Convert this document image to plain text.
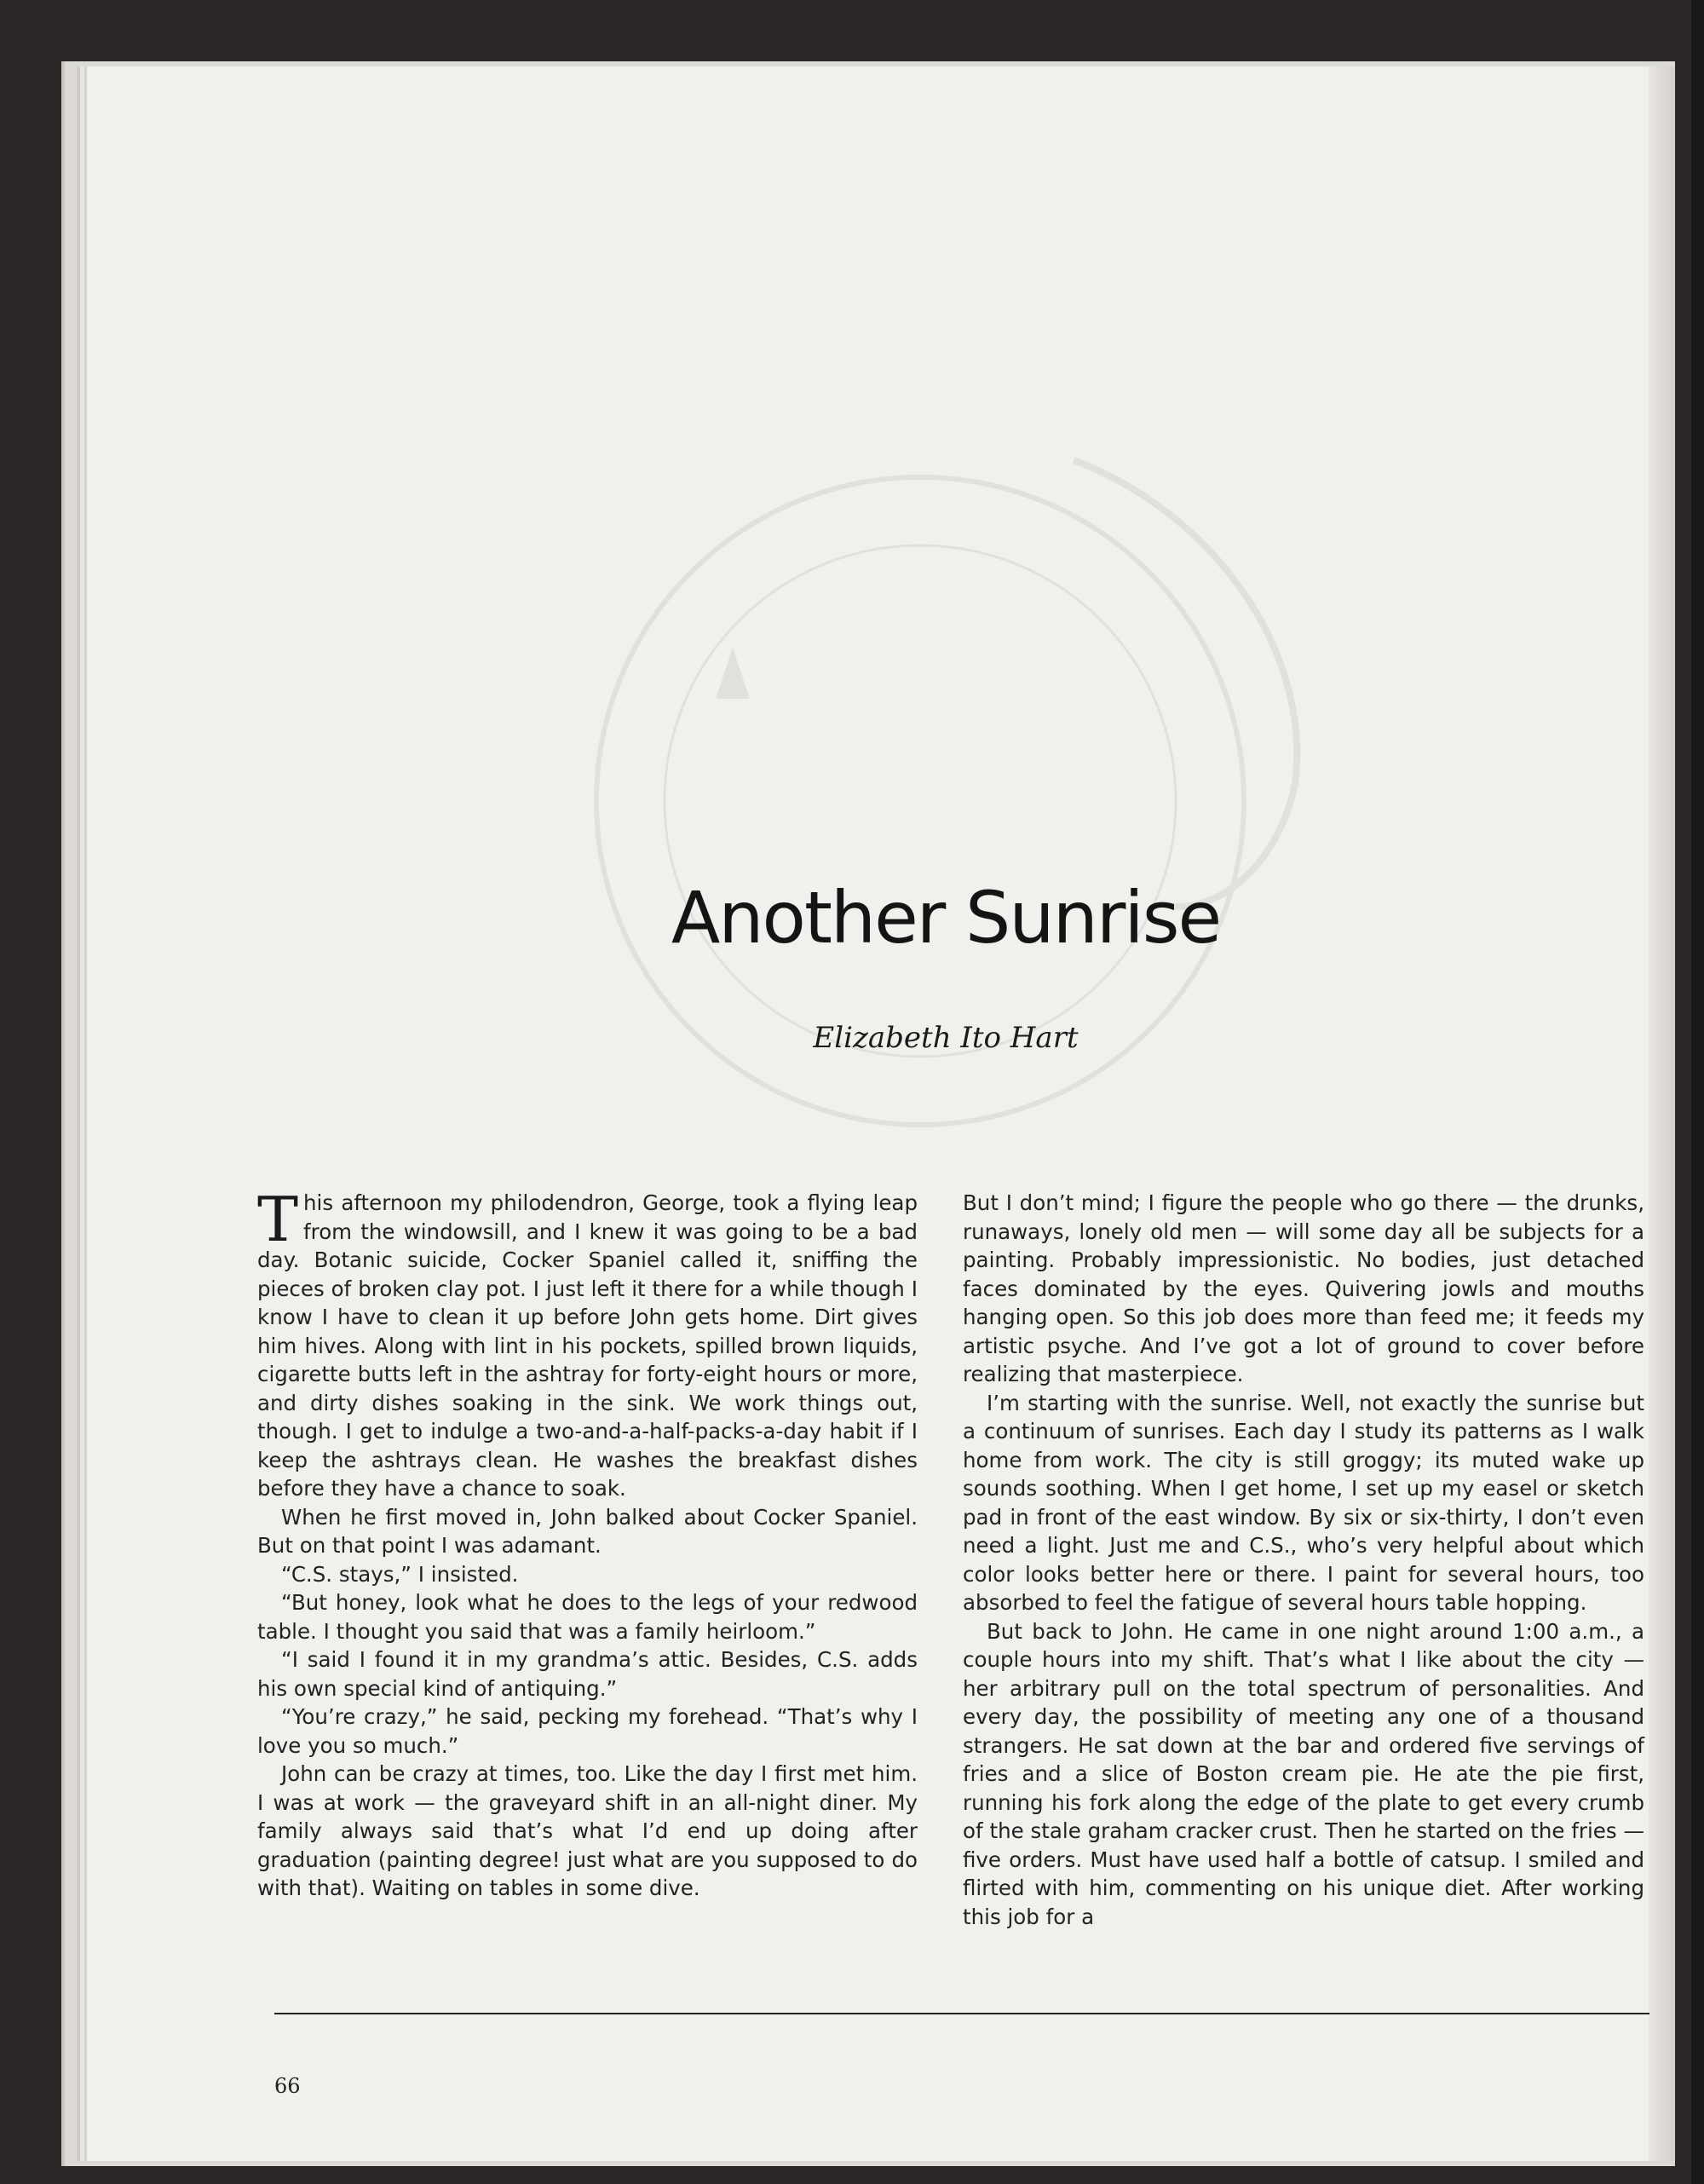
Another Sunrise

Elizabeth Ito Hart

This afternoon my philodendron, George, took a flying leap from the windowsill, and I knew it was going to be a bad day. Botanic suicide, Cocker Spaniel called it, sniffing the pieces of broken clay pot. I just left it there for a while though I know I have to clean it up before John gets home. Dirt gives him hives. Along with lint in his pockets, spilled brown liquids, cigarette butts left in the ashtray for forty-eight hours or more, and dirty dishes soaking in the sink. We work things out, though. I get to indulge a two-and-a-half-packs-a-day habit if I keep the ashtrays clean. He washes the breakfast dishes before they have a chance to soak.

When he first moved in, John balked about Cocker Spaniel. But on that point I was adamant.

“C.S. stays,” I insisted.

“But honey, look what he does to the legs of your redwood table. I thought you said that was a family heirloom.”

“I said I found it in my grandma’s attic. Besides, C.S. adds his own special kind of antiquing.”

“You’re crazy,” he said, pecking my forehead. “That’s why I love you so much.”

John can be crazy at times, too. Like the day I first met him. I was at work — the graveyard shift in an all-night diner. My family always said that’s what I’d end up doing after graduation (painting degree! just what are you supposed to do with that). Waiting on tables in some dive.

But I don’t mind; I figure the people who go there — the drunks, runaways, lonely old men — will some day all be subjects for a painting. Probably impressionistic. No bodies, just detached faces dominated by the eyes. Quivering jowls and mouths hanging open. So this job does more than feed me; it feeds my artistic psyche. And I’ve got a lot of ground to cover before realizing that masterpiece.

I’m starting with the sunrise. Well, not exactly the sunrise but a continuum of sunrises. Each day I study its patterns as I walk home from work. The city is still groggy; its muted wake up sounds soothing. When I get home, I set up my easel or sketch pad in front of the east window. By six or six-thirty, I don’t even need a light. Just me and C.S., who’s very helpful about which color looks better here or there. I paint for several hours, too absorbed to feel the fatigue of several hours table hopping.

But back to John. He came in one night around 1:00 a.m., a couple hours into my shift. That’s what I like about the city — her arbitrary pull on the total spectrum of personalities. And every day, the possibility of meeting any one of a thousand strangers. He sat down at the bar and ordered five servings of fries and a slice of Boston cream pie. He ate the pie first, running his fork along the edge of the plate to get every crumb of the stale graham cracker crust. Then he started on the fries — five orders. Must have used half a bottle of catsup. I smiled and flirted with him, commenting on his unique diet. After working this job for a

66
